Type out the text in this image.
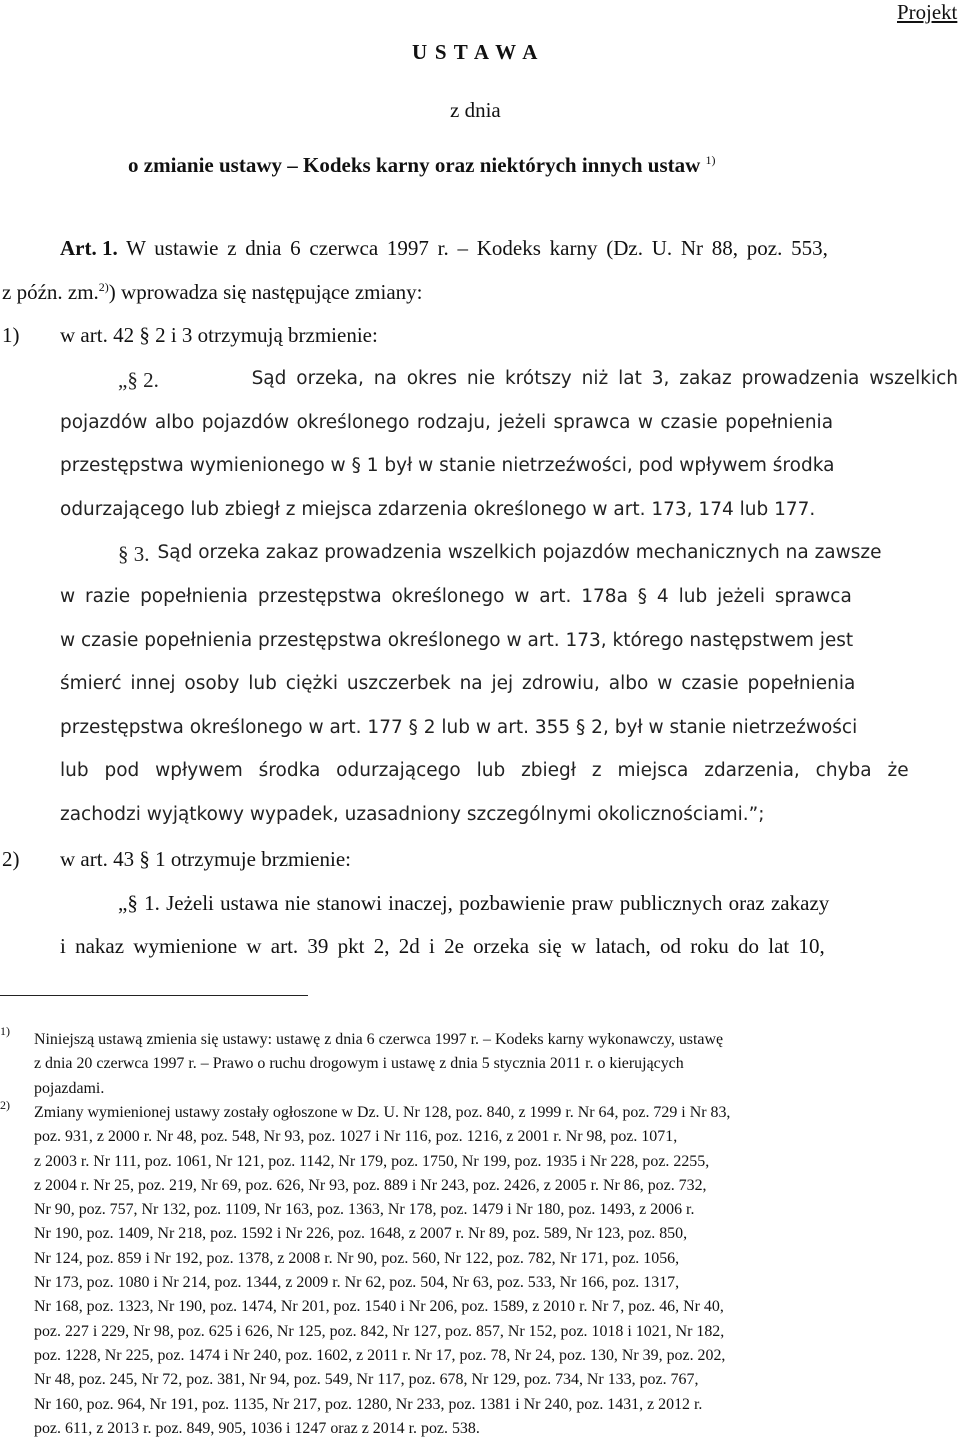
Projekt
U S T A W A
z dnia
o zmianie ustawy – Kodeks karny oraz niektórych innych ustaw $^{1)}$
Art. 1. W ustawie z dnia 6 czerwca 1997 r. – Kodeks karny (Dz. U. Nr 88, poz. 553,
z późn. zm.$^{2)}$) wprowadza się następujące zmiany:
1) w art. 42 § 2 i 3 otrzymują brzmienie:
„§ 2.	Sąd orzeka, na okres nie krótszy niż lat 3, zakaz prowadzenia wszelkich
pojazdów albo pojazdów określonego rodzaju, jeżeli sprawca w czasie popełnienia
przestępstwa wymienionego w § 1 był w stanie nietrzeźwości, pod wpływem środka
odurzającego lub zbiegł z miejsca zdarzenia określonego w art. 173, 174 lub 177.
§ 3. Sąd orzeka zakaz prowadzenia wszelkich pojazdów mechanicznych na zawsze
w razie popełnienia przestępstwa określonego w art. 178a § 4 lub jeżeli sprawca
w czasie popełnienia przestępstwa określonego w art. 173, którego następstwem jest
śmierć innej osoby lub ciężki uszczerbek na jej zdrowiu, albo w czasie popełnienia
przestępstwa określonego w art. 177 § 2 lub w art. 355 § 2, był w stanie nietrzeźwości
lub pod wpływem środka odurzającego lub zbiegł z miejsca zdarzenia, chyba że
zachodzi wyjątkowy wypadek, uzasadniony szczególnymi okolicznościami.”;
2) w art. 43 § 1 otrzymuje brzmienie:
„§ 1. Jeżeli ustawa nie stanowi inaczej, pozbawienie praw publicznych oraz zakazy
i nakaz wymienione w art. 39 pkt 2, 2d i 2e orzeka się w latach, od roku do lat 10,
1) Niniejszą ustawą zmienia się ustawy: ustawę z dnia 6 czerwca 1997 r. – Kodeks karny wykonawczy, ustawę
z dnia 20 czerwca 1997 r. – Prawo o ruchu drogowym i ustawę z dnia 5 stycznia 2011 r. o kierujących
pojazdami.
2) Zmiany wymienionej ustawy zostały ogłoszone w Dz. U. Nr 128, poz. 840, z 1999 r. Nr 64, poz. 729 i Nr 83,
poz. 931, z 2000 r. Nr 48, poz. 548, Nr 93, poz. 1027 i Nr 116, poz. 1216, z 2001 r. Nr 98, poz. 1071,
z 2003 r. Nr 111, poz. 1061, Nr 121, poz. 1142, Nr 179, poz. 1750, Nr 199, poz. 1935 i Nr 228, poz. 2255,
z 2004 r. Nr 25, poz. 219, Nr 69, poz. 626, Nr 93, poz. 889 i Nr 243, poz. 2426, z 2005 r. Nr 86, poz. 732,
Nr 90, poz. 757, Nr 132, poz. 1109, Nr 163, poz. 1363, Nr 178, poz. 1479 i Nr 180, poz. 1493, z 2006 r.
Nr 190, poz. 1409, Nr 218, poz. 1592 i Nr 226, poz. 1648, z 2007 r. Nr 89, poz. 589, Nr 123, poz. 850,
Nr 124, poz. 859 i Nr 192, poz. 1378, z 2008 r. Nr 90, poz. 560, Nr 122, poz. 782, Nr 171, poz. 1056,
Nr 173, poz. 1080 i Nr 214, poz. 1344, z 2009 r. Nr 62, poz. 504, Nr 63, poz. 533, Nr 166, poz. 1317,
Nr 168, poz. 1323, Nr 190, poz. 1474, Nr 201, poz. 1540 i Nr 206, poz. 1589, z 2010 r. Nr 7, poz. 46, Nr 40,
poz. 227 i 229, Nr 98, poz. 625 i 626, Nr 125, poz. 842, Nr 127, poz. 857, Nr 152, poz. 1018 i 1021, Nr 182,
poz. 1228, Nr 225, poz. 1474 i Nr 240, poz. 1602, z 2011 r. Nr 17, poz. 78, Nr 24, poz. 130, Nr 39, poz. 202,
Nr 48, poz. 245, Nr 72, poz. 381, Nr 94, poz. 549, Nr 117, poz. 678, Nr 129, poz. 734, Nr 133, poz. 767,
Nr 160, poz. 964, Nr 191, poz. 1135, Nr 217, poz. 1280, Nr 233, poz. 1381 i Nr 240, poz. 1431, z 2012 r.
poz. 611, z 2013 r. poz. 849, 905, 1036 i 1247 oraz z 2014 r. poz. 538.
